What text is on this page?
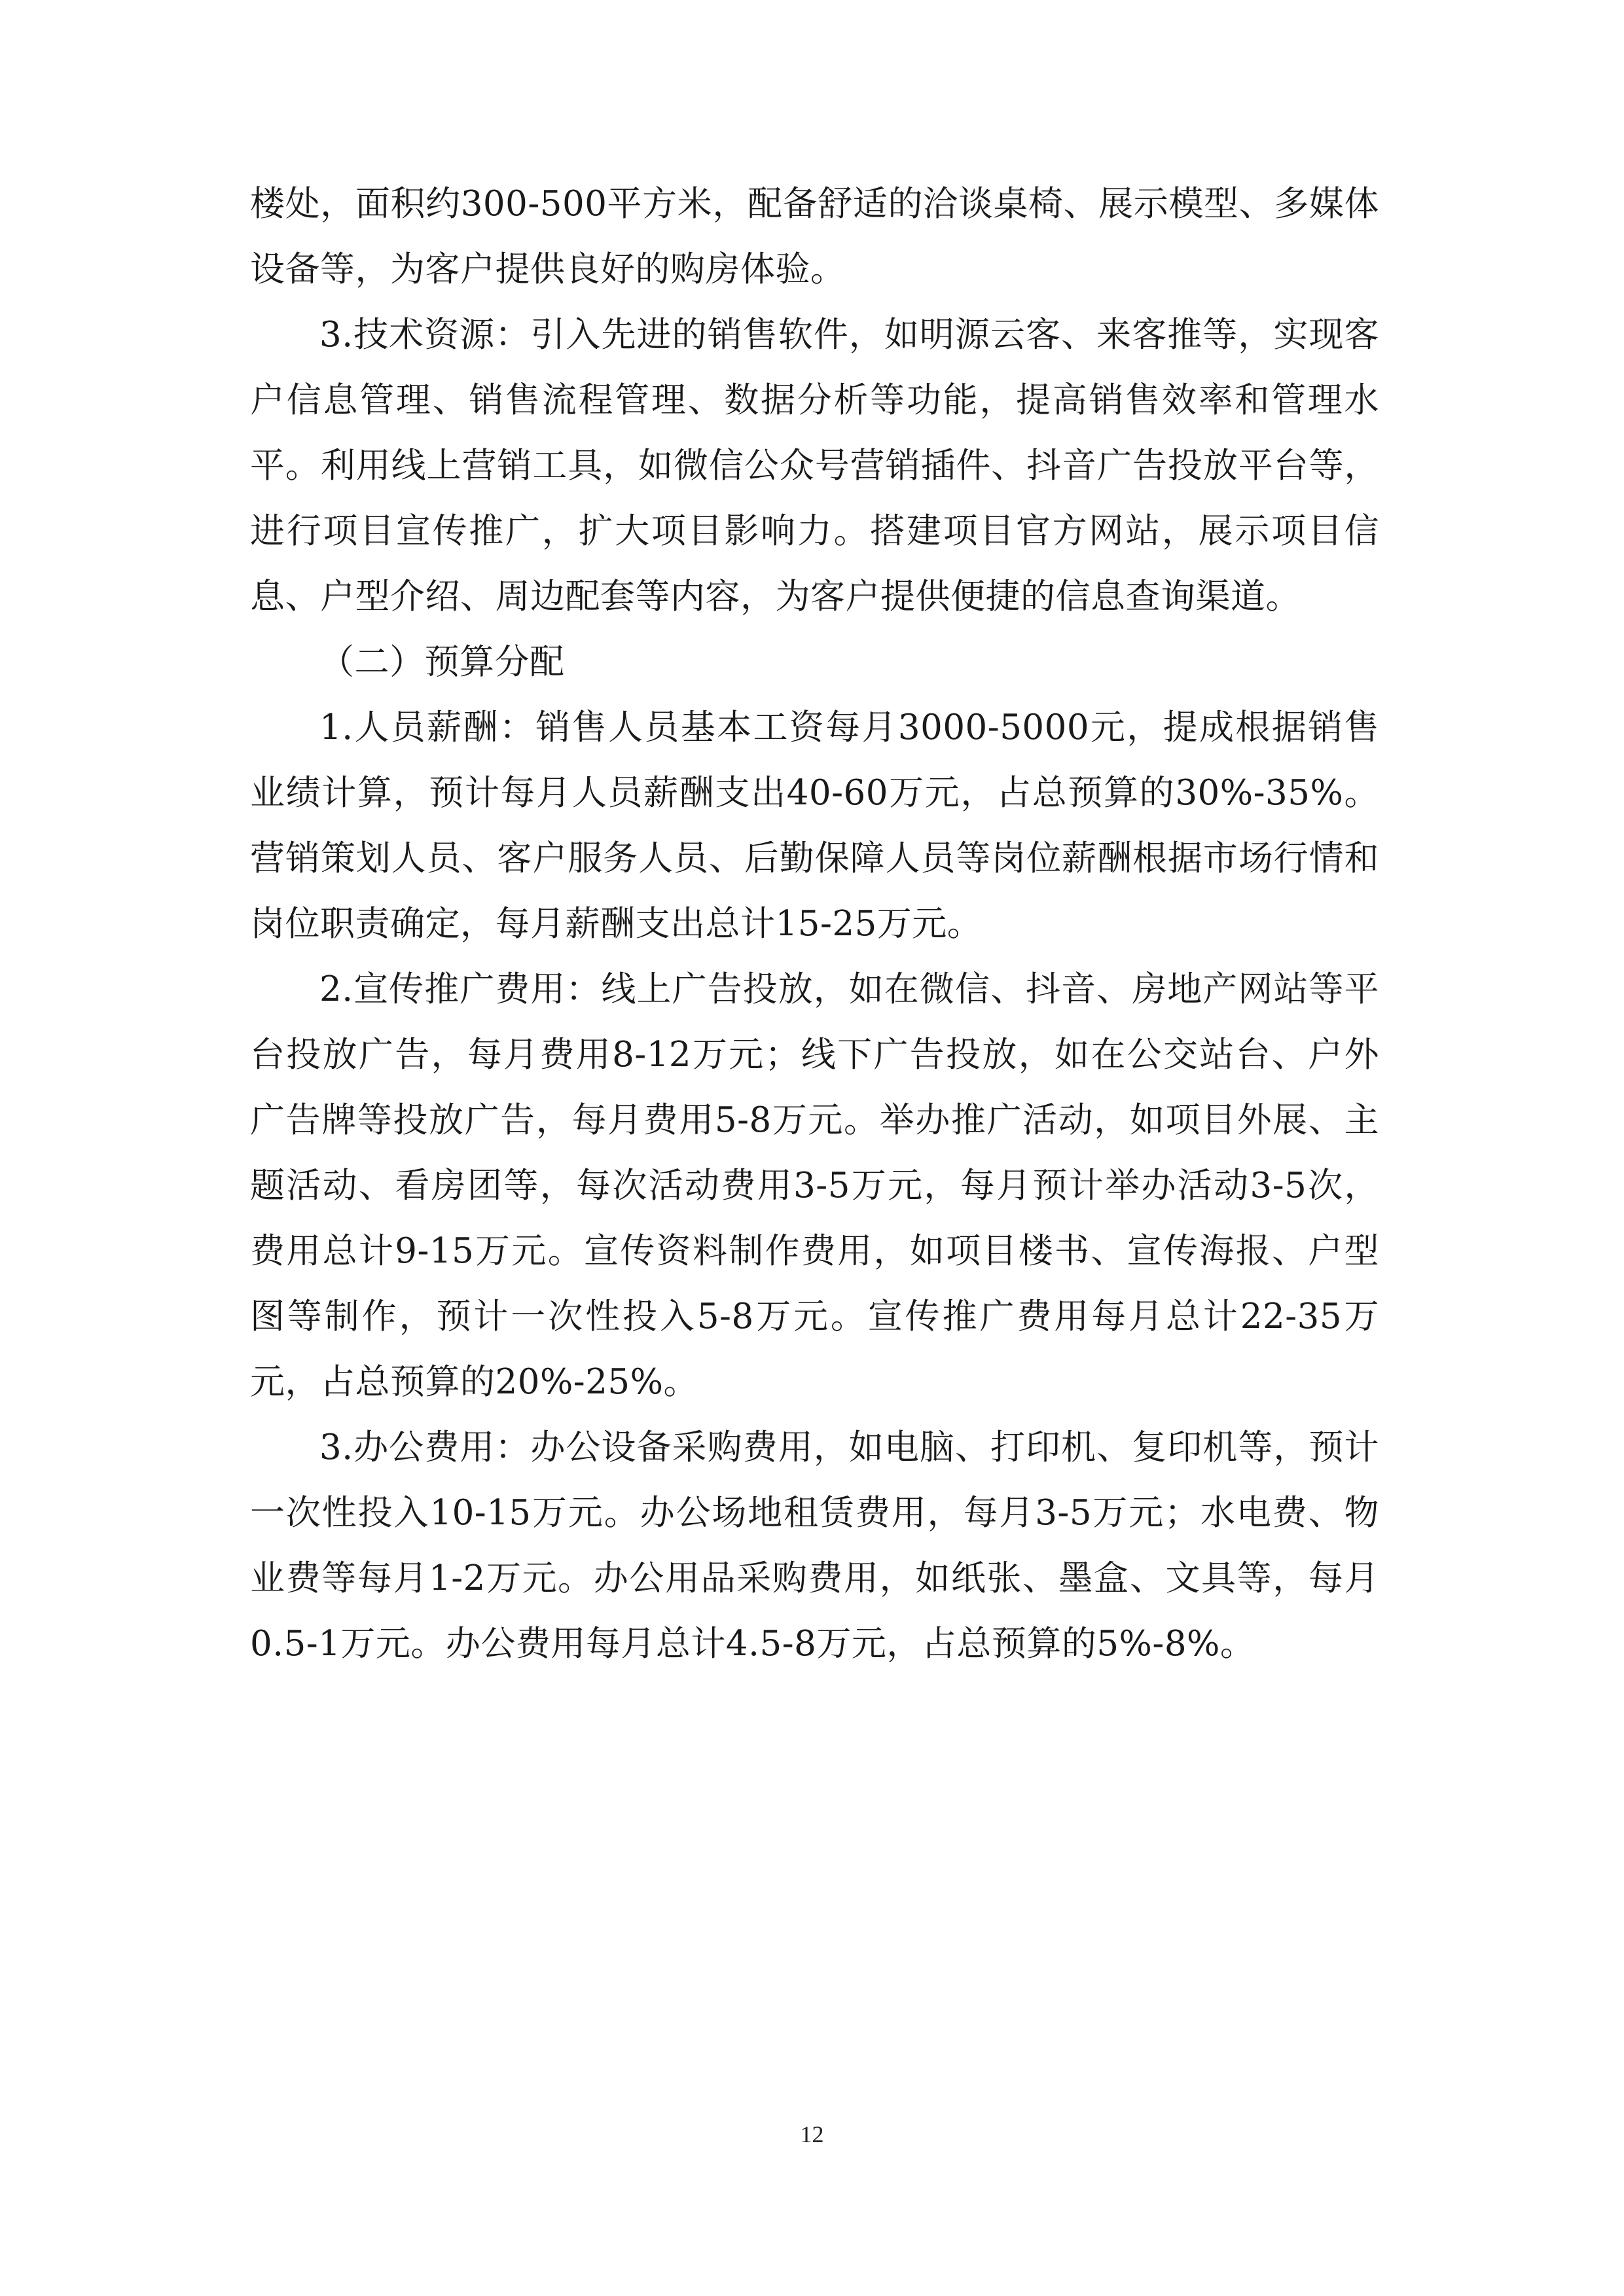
楼处，面积约300-500平方米，配备舒适的洽谈桌椅、展示模型、多媒体设备等，为客户提供良好的购房体验。

3.技术资源：引入先进的销售软件，如明源云客、来客推等，实现客户信息管理、销售流程管理、数据分析等功能，提高销售效率和管理水平。利用线上营销工具，如微信公众号营销插件、抖音广告投放平台等，进行项目宣传推广，扩大项目影响力。搭建项目官方网站，展示项目信息、户型介绍、周边配套等内容，为客户提供便捷的信息查询渠道。

（二）预算分配

1.人员薪酬：销售人员基本工资每月3000-5000元，提成根据销售业绩计算，预计每月人员薪酬支出40-60万元，占总预算的30%-35%。营销策划人员、客户服务人员、后勤保障人员等岗位薪酬根据市场行情和岗位职责确定，每月薪酬支出总计15-25万元。

2.宣传推广费用：线上广告投放，如在微信、抖音、房地产网站等平台投放广告，每月费用8-12万元；线下广告投放，如在公交站台、户外广告牌等投放广告，每月费用5-8万元。举办推广活动，如项目外展、主题活动、看房团等，每次活动费用3-5万元，每月预计举办活动3-5次，费用总计9-15万元。宣传资料制作费用，如项目楼书、宣传海报、户型图等制作，预计一次性投入5-8万元。宣传推广费用每月总计22-35万元，占总预算的20%-25%。

3.办公费用：办公设备采购费用，如电脑、打印机、复印机等，预计一次性投入10-15万元。办公场地租赁费用，每月3-5万元；水电费、物业费等每月1-2万元。办公用品采购费用，如纸张、墨盒、文具等，每月0.5-1万元。办公费用每月总计4.5-8万元，占总预算的5%-8%。

12
